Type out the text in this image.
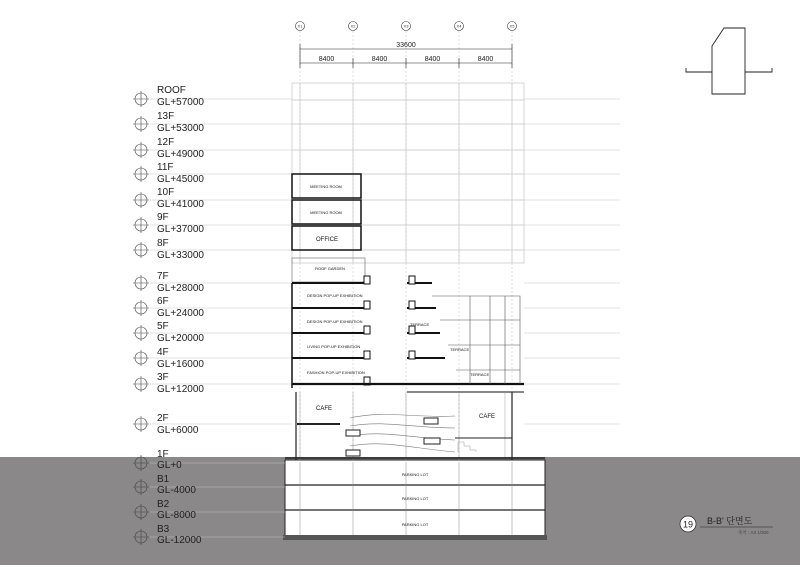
X1	X2	X3	X4	X5
33600
8400	8400	8400	8400
ROOF
GL+57000
13F
GL+53000
12F
GL+49000
11F
GL+45000
10F
GL+41000
9F
GL+37000
8F
GL+33000
7F
GL+28000
6F
GL+24000
5F
GL+20000
4F
GL+16000
3F
GL+12000
2F
GL+6000
1F
GL+0
B1
GL-4000
B2
GL-8000
B3
GL-12000
MEETING ROOM
MEETING ROOM
OFFICE
ROOF GARDEN
DESIGN POP-UP EXHIBITION
DESIGN POP-UP EXHIBITION
LIVING POP-UP EXHIBITION
FASHION POP-UP EXHIBITION
TERRACE
TERRACE
TERRACE
CAFE
CAFE
PARKING LOT
PARKING LOT
PARKING LOT	19 B-B' 단면도
축척 : A3 1/300
